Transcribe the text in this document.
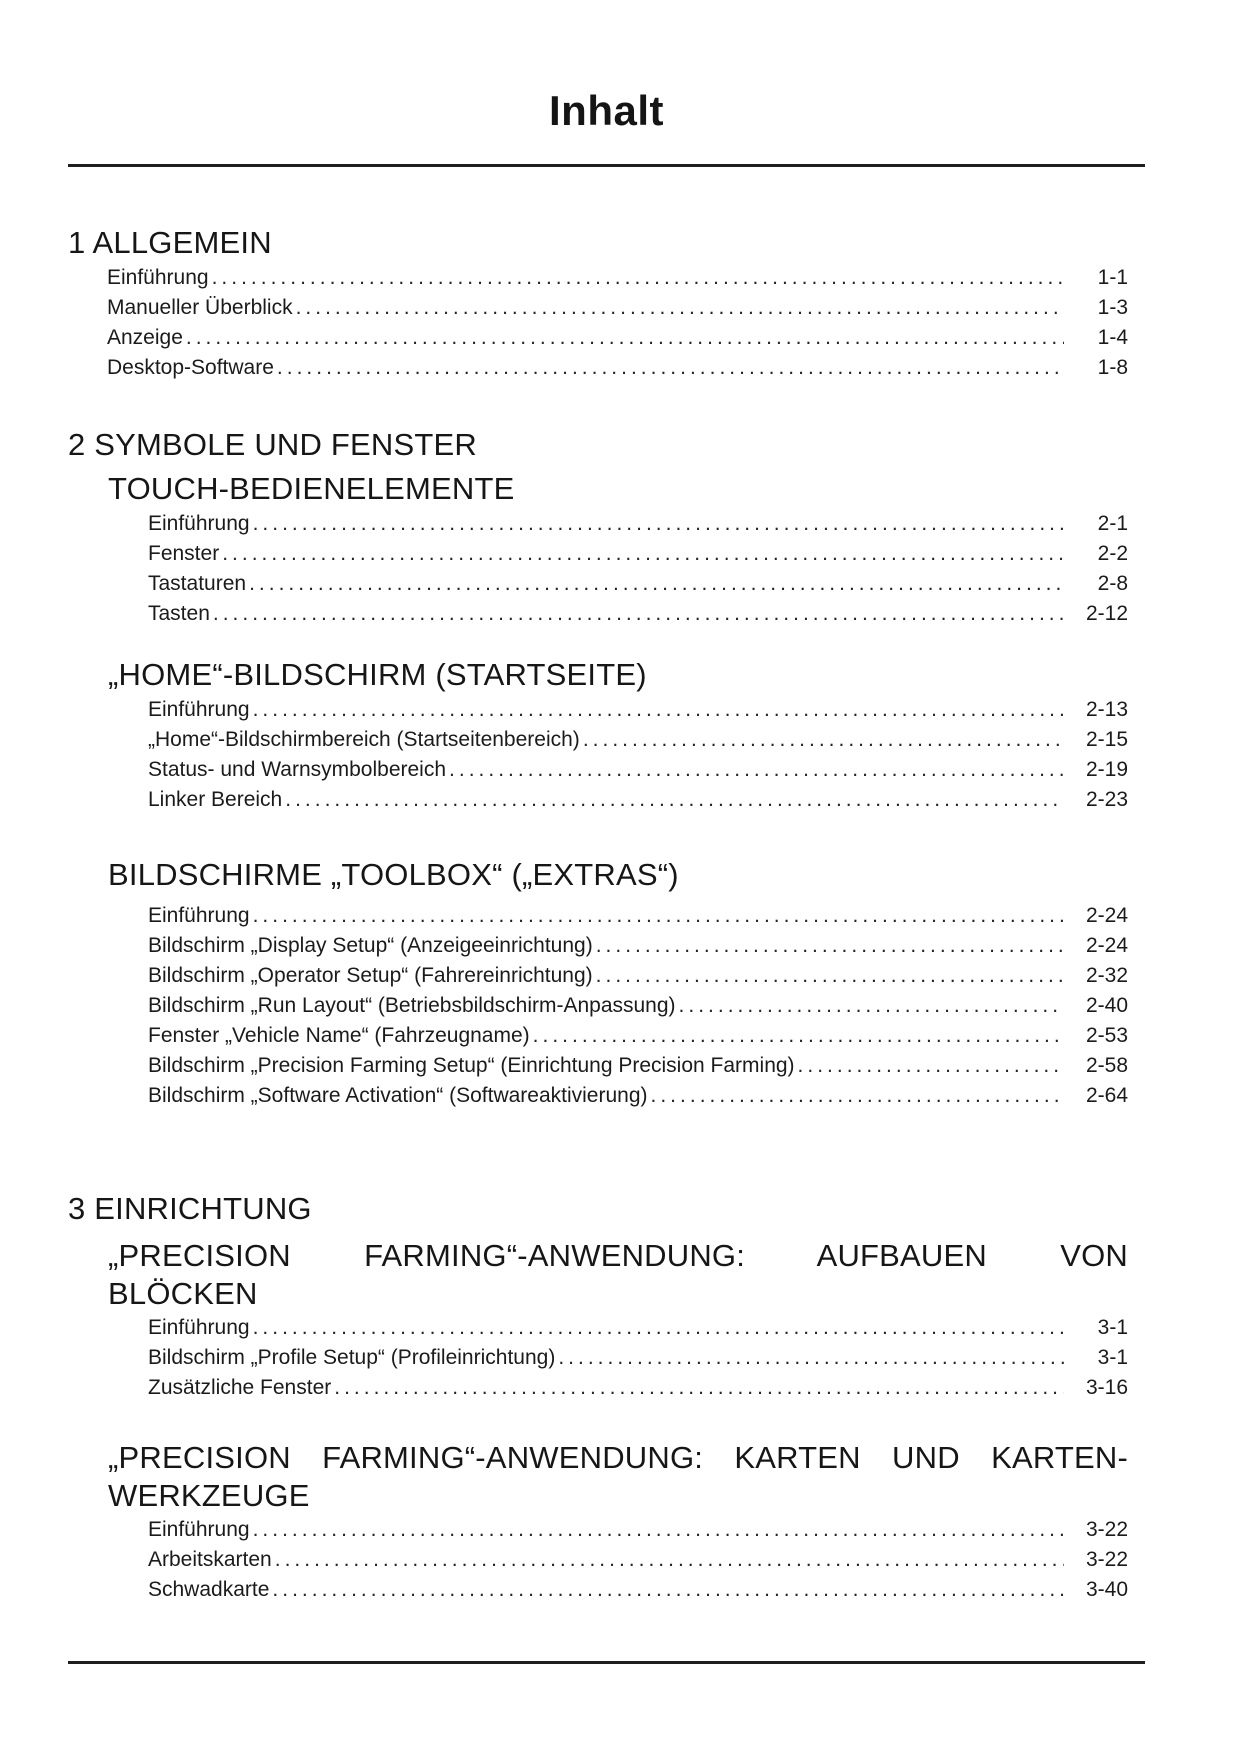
Inhalt
1 ALLGEMEIN
Einführung .....	1-1
Manueller Überblick .....	1-3
Anzeige .....	1-4
Desktop-Software .....	1-8
2 SYMBOLE UND FENSTER
TOUCH-BEDIENELEMENTE
Einführung .....	2-1
Fenster .....	2-2
Tastaturen .....	2-8
Tasten .....	2-12
„HOME“-BILDSCHIRM (STARTSEITE)
Einführung .....	2-13
„Home“-Bildschirmbereich (Startseitenbereich) .....	2-15
Status- und Warnsymbolbereich .....	2-19
Linker Bereich .....	2-23
BILDSCHIRME „TOOLBOX“ („EXTRAS“)
Einführung .....	2-24
Bildschirm „Display Setup“ (Anzeigeeinrichtung) .....	2-24
Bildschirm „Operator Setup“ (Fahrereinrichtung) .....	2-32
Bildschirm „Run Layout“ (Betriebsbildschirm-Anpassung) .....	2-40
Fenster „Vehicle Name“ (Fahrzeugname) .....	2-53
Bildschirm „Precision Farming Setup“ (Einrichtung Precision Farming) .....	2-58
Bildschirm „Software Activation“ (Softwareaktivierung) .....	2-64
3 EINRICHTUNG
„PRECISION FARMING“-ANWENDUNG: AUFBAUEN VON
BLÖCKEN
Einführung .....	3-1
Bildschirm „Profile Setup“ (Profileinrichtung) .....	3-1
Zusätzliche Fenster .....	3-16
„PRECISION FARMING“-ANWENDUNG: KARTEN UND KARTEN-
WERKZEUGE
Einführung .....	3-22
Arbeitskarten .....	3-22
Schwadkarte .....	3-40
